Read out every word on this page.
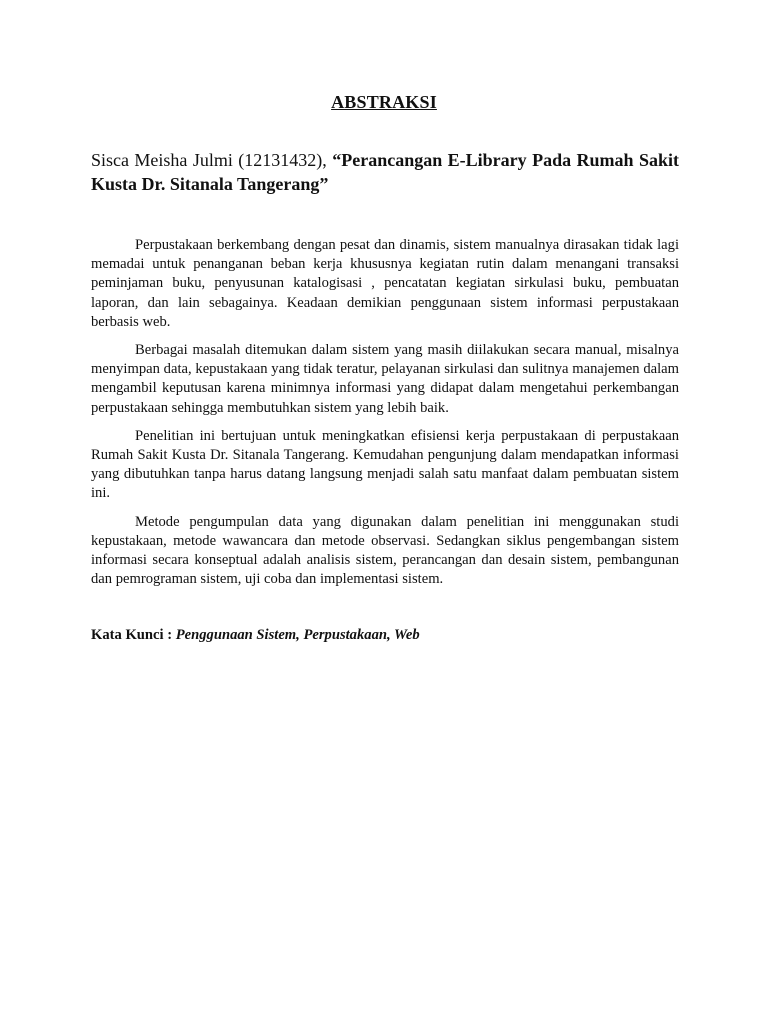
ABSTRAKSI
Sisca Meisha Julmi (12131432), “Perancangan E-Library Pada Rumah Sakit Kusta Dr. Sitanala Tangerang”

Perpustakaan berkembang dengan pesat dan dinamis, sistem manualnya dirasakan tidak lagi memadai untuk penanganan beban kerja khususnya kegiatan rutin dalam menangani transaksi peminjaman buku, penyusunan katalogisasi , pencatatan kegiatan sirkulasi buku, pembuatan laporan, dan lain sebagainya. Keadaan demikian penggunaan sistem informasi perpustakaan berbasis web.

Berbagai masalah ditemukan dalam sistem yang masih diilakukan secara manual, misalnya menyimpan data, kepustakaan yang tidak teratur, pelayanan sirkulasi dan sulitnya manajemen dalam mengambil keputusan karena minimnya informasi yang didapat dalam mengetahui perkembangan perpustakaan sehingga membutuhkan sistem yang lebih baik.

Penelitian ini bertujuan untuk meningkatkan efisiensi kerja perpustakaan di perpustakaan Rumah Sakit Kusta Dr. Sitanala Tangerang. Kemudahan pengunjung dalam mendapatkan informasi yang dibutuhkan tanpa harus datang langsung menjadi salah satu manfaat dalam pembuatan sistem ini.

Metode pengumpulan data yang digunakan dalam penelitian ini menggunakan studi kepustakaan, metode wawancara dan metode observasi. Sedangkan siklus pengembangan sistem informasi secara konseptual adalah analisis sistem, perancangan dan desain sistem, pembangunan dan pemrograman sistem, uji coba dan implementasi sistem.

Kata Kunci : Penggunaan Sistem, Perpustakaan, Web
